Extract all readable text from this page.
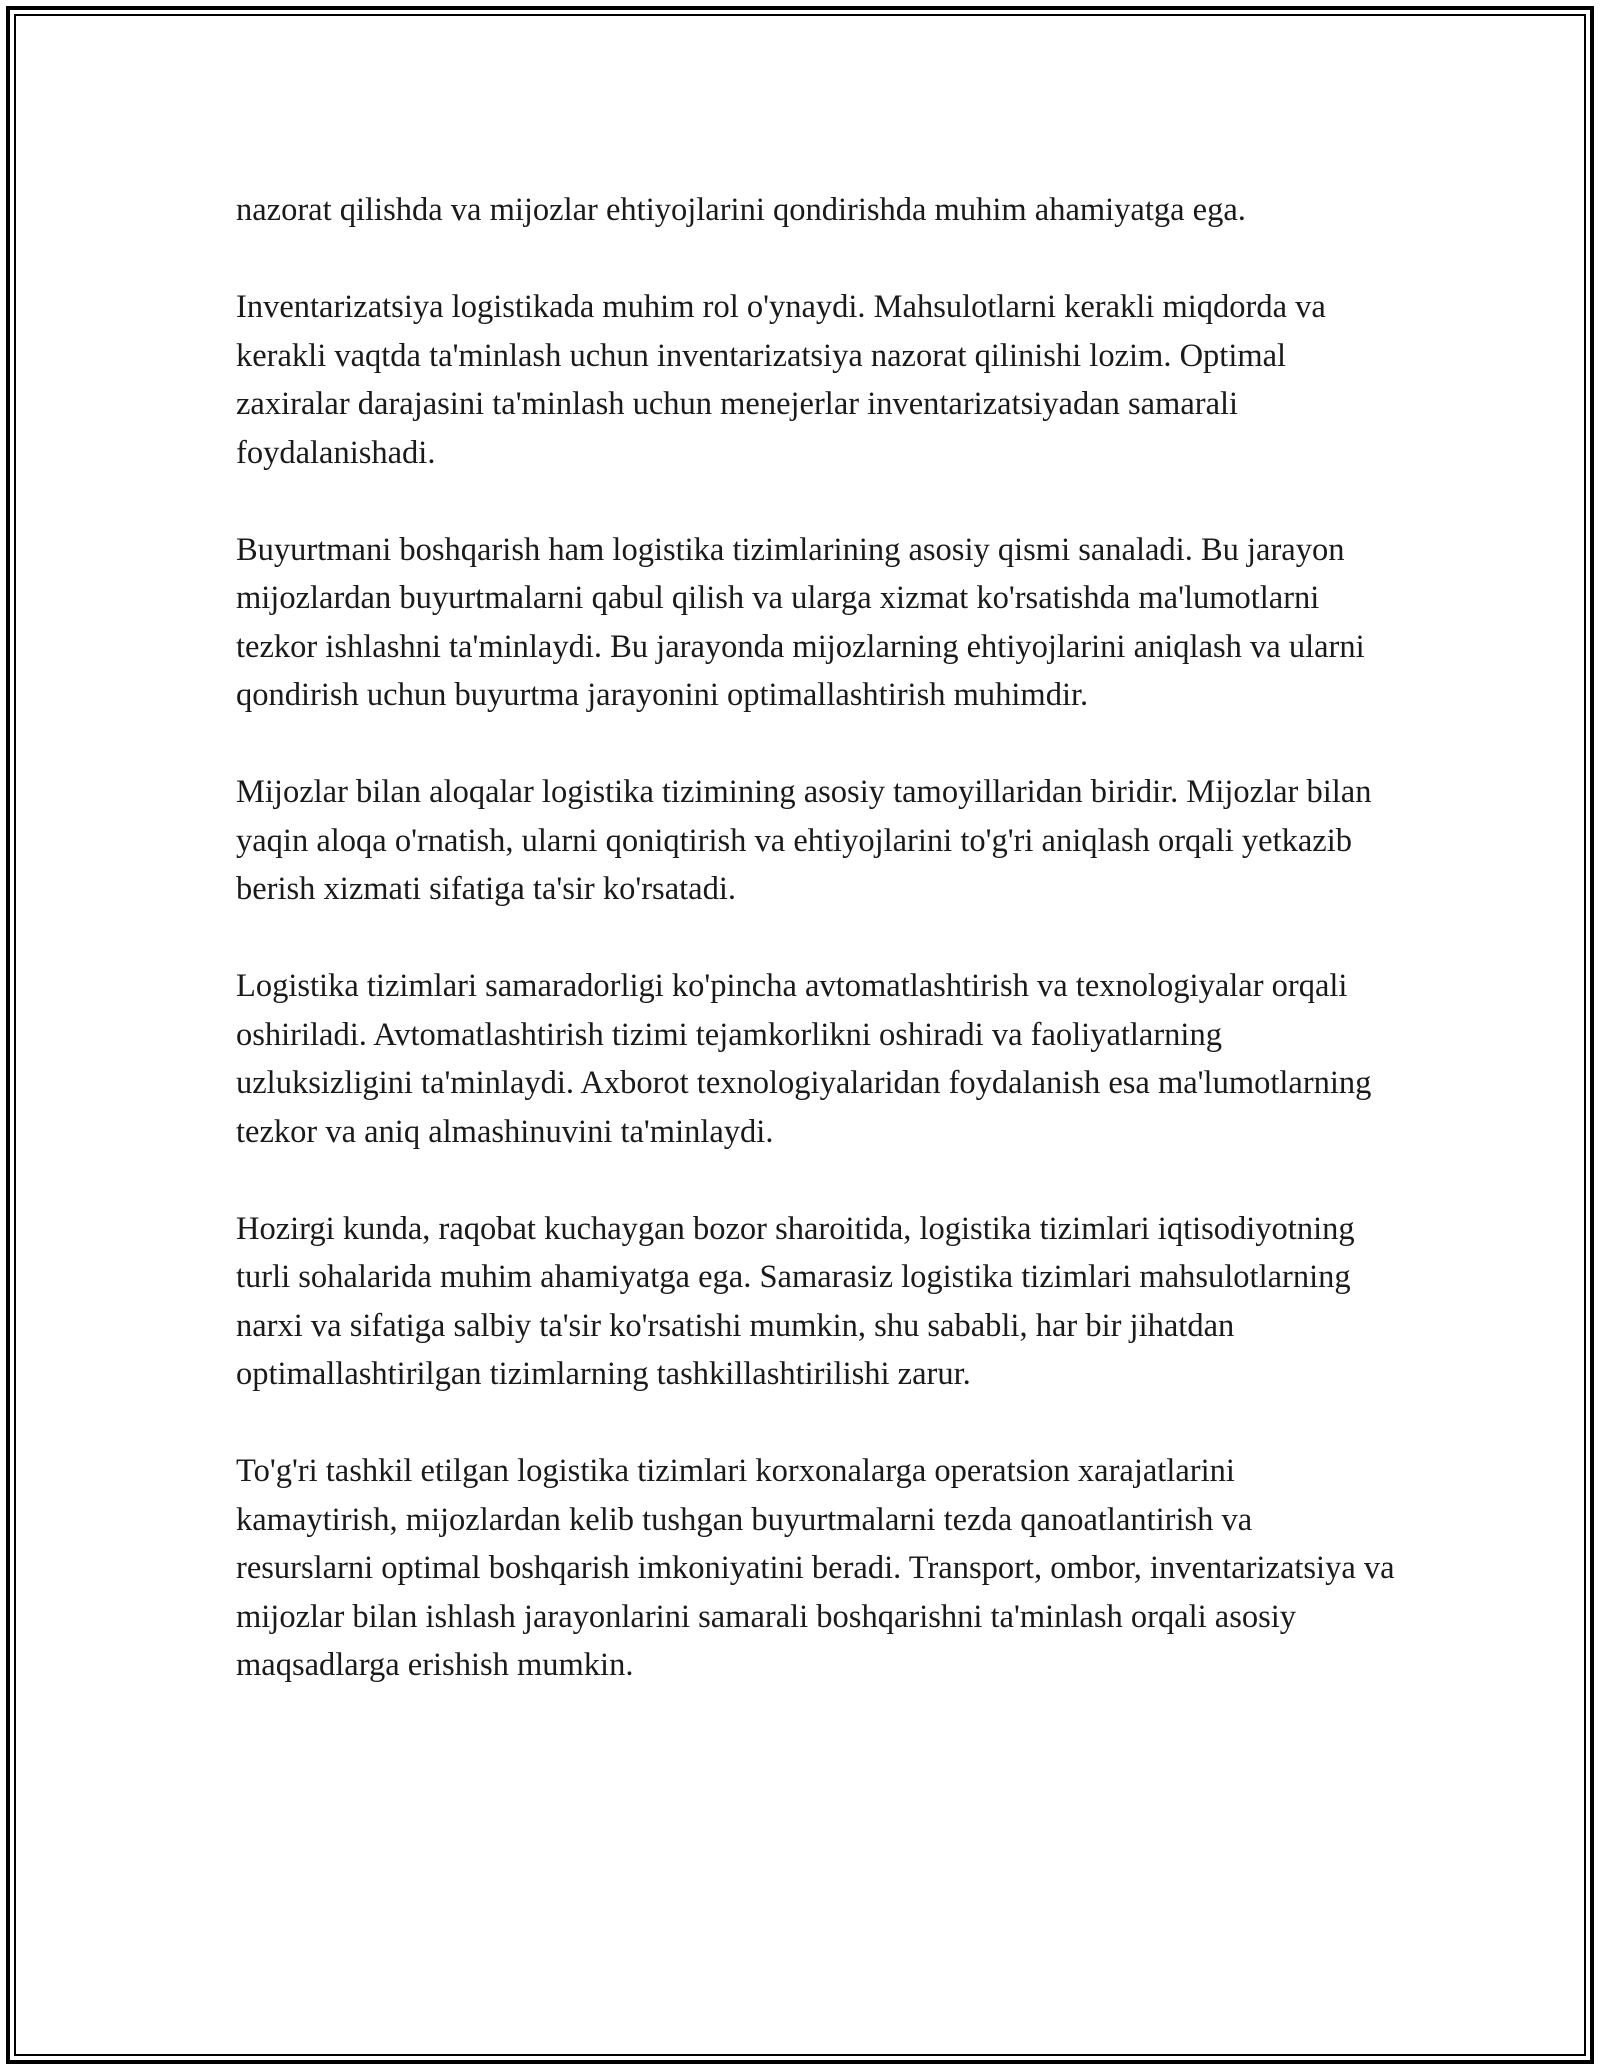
nazorat qilishda va mijozlar ehtiyojlarini qondirishda muhim ahamiyatga ega.

Inventarizatsiya logistikada muhim rol o'ynaydi. Mahsulotlarni kerakli miqdorda va kerakli vaqtda ta'minlash uchun inventarizatsiya nazorat qilinishi lozim. Optimal zaxiralar darajasini ta'minlash uchun menejerlar inventarizatsiyadan samarali foydalanishadi.

Buyurtmani boshqarish ham logistika tizimlarining asosiy qismi sanaladi. Bu jarayon mijozlardan buyurtmalarni qabul qilish va ularga xizmat ko'rsatishda ma'lumotlarni tezkor ishlashni ta'minlaydi. Bu jarayonda mijozlarning ehtiyojlarini aniqlash va ularni qondirish uchun buyurtma jarayonini optimallashtirish muhimdir.

Mijozlar bilan aloqalar logistika tizimining asosiy tamoyillaridan biridir. Mijozlar bilan yaqin aloqa o'rnatish, ularni qoniqtirish va ehtiyojlarini to'g'ri aniqlash orqali yetkazib berish xizmati sifatiga ta'sir ko'rsatadi.

Logistika tizimlari samaradorligi ko'pincha avtomatlashtirish va texnologiyalar orqali oshiriladi. Avtomatlashtirish tizimi tejamkorlikni oshiradi va faoliyatlarning uzluksizligini ta'minlaydi. Axborot texnologiyalaridan foydalanish esa ma'lumotlarning tezkor va aniq almashinuvini ta'minlaydi.

Hozirgi kunda, raqobat kuchaygan bozor sharoitida, logistika tizimlari iqtisodiyotning turli sohalarida muhim ahamiyatga ega. Samarasiz logistika tizimlari mahsulotlarning narxi va sifatiga salbiy ta'sir ko'rsatishi mumkin, shu sababli, har bir jihatdan optimallashtirilgan tizimlarning tashkillashtirilishi zarur.

To'g'ri tashkil etilgan logistika tizimlari korxonalarga operatsion xarajatlarini kamaytirish, mijozlardan kelib tushgan buyurtmalarni tezda qanoatlantirish va resurslarni optimal boshqarish imkoniyatini beradi. Transport, ombor, inventarizatsiya va mijozlar bilan ishlash jarayonlarini samarali boshqarishni ta'minlash orqali asosiy maqsadlarga erishish mumkin.
